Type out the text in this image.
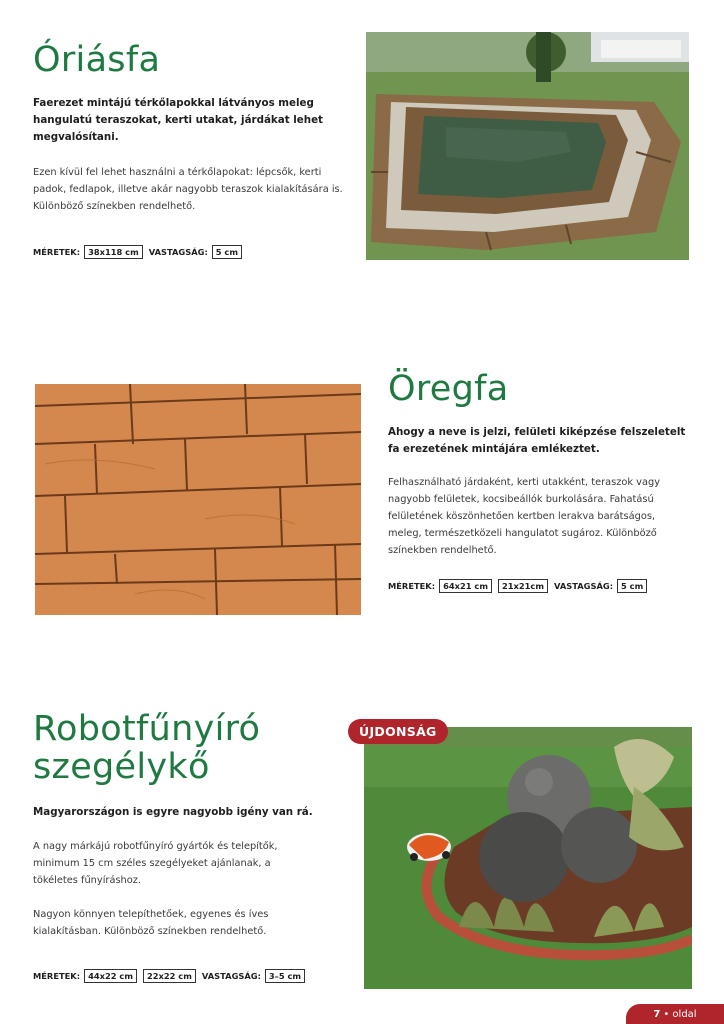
Óriásfa

Faerezet mintájú térkőlapokkal látványos meleg hangulatú teraszokat, kerti utakat, járdákat lehet megvalósítani.

Ezen kívül fel lehet használni a térkőlapokat: lépcsők, kerti padok, fedlapok, illetve akár nagyobb teraszok kialakítására is. Különböző színekben rendelhető.

MÉRETEK: 38x118 cm	VASTAGSÁG: 5 cm
Öregfa

Ahogy a neve is jelzi, felületi kiképzése felszeletelt fa erezetének mintájára emlékeztet.

Felhasználható járdaként, kerti utakként, teraszok vagy nagyobb felületek, kocsibeállók burkolására. Fahatású felületének köszönhetően kertben lerakva barátságos, meleg, természetközeli hangulatot sugároz. Különböző színekben rendelhető.

MÉRETEK: 64x21 cm	21x21cm	VASTAGSÁG: 5 cm
Robotfűnyíró
szegélykő

Magyarországon is egyre nagyobb igény van rá.

A nagy márkájú robotfűnyíró gyártók és telepítők, minimum 15 cm széles szegélyeket ajánlanak, a tökéletes fűnyíráshoz.

Nagyon könnyen telepíthetőek, egyenes és íves kialakításban. Különböző színekben rendelhető.

MÉRETEK: 44x22 cm	22x22 cm	VASTAGSÁG: 3–5 cm
ÚJDONSÁG
7 • oldal
